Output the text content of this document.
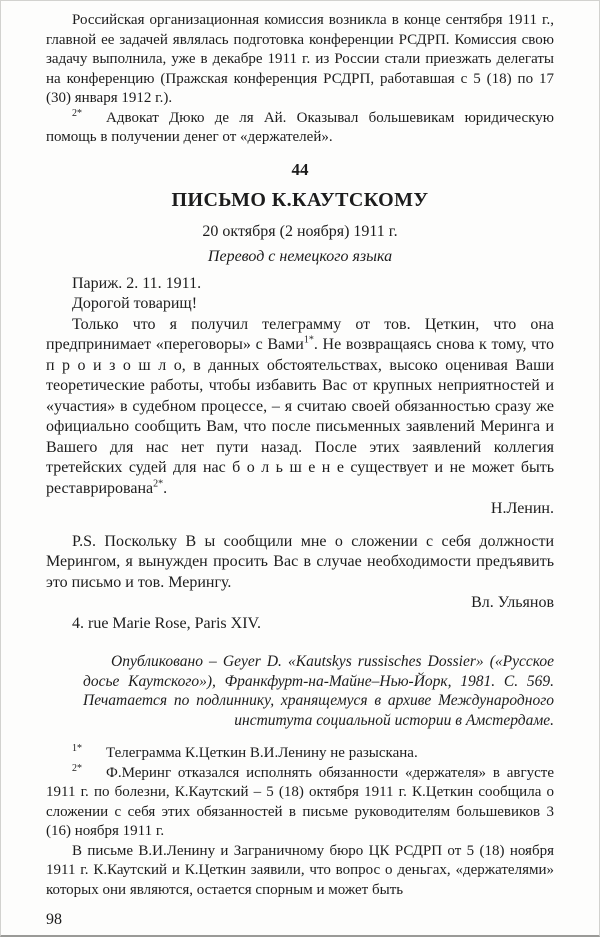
Российская организационная комиссия возникла в конце сентября 1911 г., главной ее задачей являлась подготовка конференции РСДРП. Комиссия свою задачу выполнила, уже в декабре 1911 г. из России стали приезжать делегаты на конференцию (Пражская конференция РСДРП, работавшая с 5 (18) по 17 (30) января 1912 г.).

$^{2*}$ Адвокат Дюко де ля Ай. Оказывал большевикам юридическую помощь в получении денег от «держателей».

44
ПИСЬМО К.КАУТСКОМУ
20 октября (2 ноября) 1911 г.
Перевод с немецкого языка

Париж. 2. 11. 1911.

Дорогой товарищ!

Только что я получил телеграмму от тов. Цеткин, что она предпринимает «переговоры» с Вами$^{1*}$. Не возвращаясь снова к тому, что п р о и з о ш л о, в данных обстоятельствах, высоко оценивая Ваши теоретические работы, чтобы избавить Вас от крупных неприятностей и «участия» в судебном процессе, – я считаю своей обязанностью сразу же официально сообщить Вам, что после письменных заявлений Меринга и Вашего для нас нет пути назад. После этих заявлений коллегия третейских судей для нас б о л ь ш е н е существует и не может быть реставрирована$^{2*}$.

Н.Ленин.

P.S. Поскольку В ы сообщили мне о сложении с себя должности Мерингом, я вынужден просить Вас в случае необходимости предъявить это письмо и тов. Мерингу.

Вл. Ульянов

4. rue Marie Rose, Paris XIV.

Опубликовано – Geyer D. «Kautskys russisches Dossier» («Русское досье Каутского»), Франкфурт-на-Майне–Нью-Йорк, 1981. С. 569. Печатается по подлиннику, хранящемуся в архиве Международного института социальной истории в Амстердаме.

$^{1*}$ Телеграмма К.Цеткин В.И.Ленину не разыскана.

$^{2*}$ Ф.Меринг отказался исполнять обязанности «держателя» в августе 1911 г. по болезни, К.Каутский – 5 (18) октября 1911 г. К.Цеткин сообщила о сложении с себя этих обязанностей в письме руководителям большевиков 3 (16) ноября 1911 г.

В письме В.И.Ленину и Заграничному бюро ЦК РСДРП от 5 (18) ноября 1911 г. К.Каутский и К.Цеткин заявили, что вопрос о деньгах, «держателями» которых они являются, остается спорным и может быть

98
